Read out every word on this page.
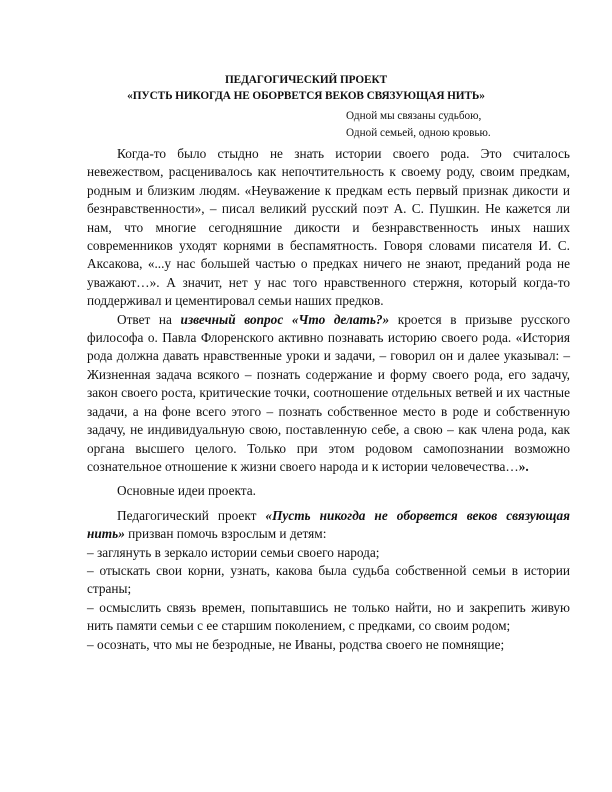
ПЕДАГОГИЧЕСКИЙ ПРОЕКТ
«ПУСТЬ НИКОГДА НЕ ОБОРВЕТСЯ ВЕКОВ СВЯЗУЮЩАЯ НИТЬ»
Одной мы связаны судьбою,
Одной семьей, одною кровью.

Когда-то было стыдно не знать истории своего рода. Это считалось невежеством, расценивалось как непочтительность к своему роду, своим предкам, родным и близким людям. «Неуважение к предкам есть первый признак дикости и безнравственности», – писал великий русский поэт А. С. Пушкин. Не кажется ли нам, что многие сегодняшние дикости и безнравственность иных наших современников уходят корнями в беспамятность. Говоря словами писателя И. С. Аксакова, «...у нас большей частью о предках ничего не знают, преданий рода не уважают…». А значит, нет у нас того нравственного стержня, который когда-то поддерживал и цементировал семьи наших предков.

Ответ на извечный вопрос «Что делать?» кроется в призыве русского философа о. Павла Флоренского активно познавать историю своего рода. «История рода должна давать нравственные уроки и задачи, – говорил он и далее указывал: – Жизненная задача всякого – познать содержание и форму своего рода, его задачу, закон своего роста, критические точки, соотношение отдельных ветвей и их частные задачи, а на фоне всего этого – познать собственное место в роде и собственную задачу, не индивидуальную свою, поставленную себе, а свою – как члена рода, как органа высшего целого. Только при этом родовом самопознании возможно сознательное отношение к жизни своего народа и к истории человечества…».

Основные идеи проекта.

Педагогический проект «Пусть никогда не оборвется веков связующая нить» призван помочь взрослым и детям:

– заглянуть в зеркало истории семьи своего народа;

– отыскать свои корни, узнать, какова была судьба собственной семьи в истории страны;

– осмыслить связь времен, попытавшись не только найти, но и закрепить живую нить памяти семьи с ее старшим поколением, с предками, со своим родом;

– осознать, что мы не безродные, не Иваны, родства своего не помнящие;
